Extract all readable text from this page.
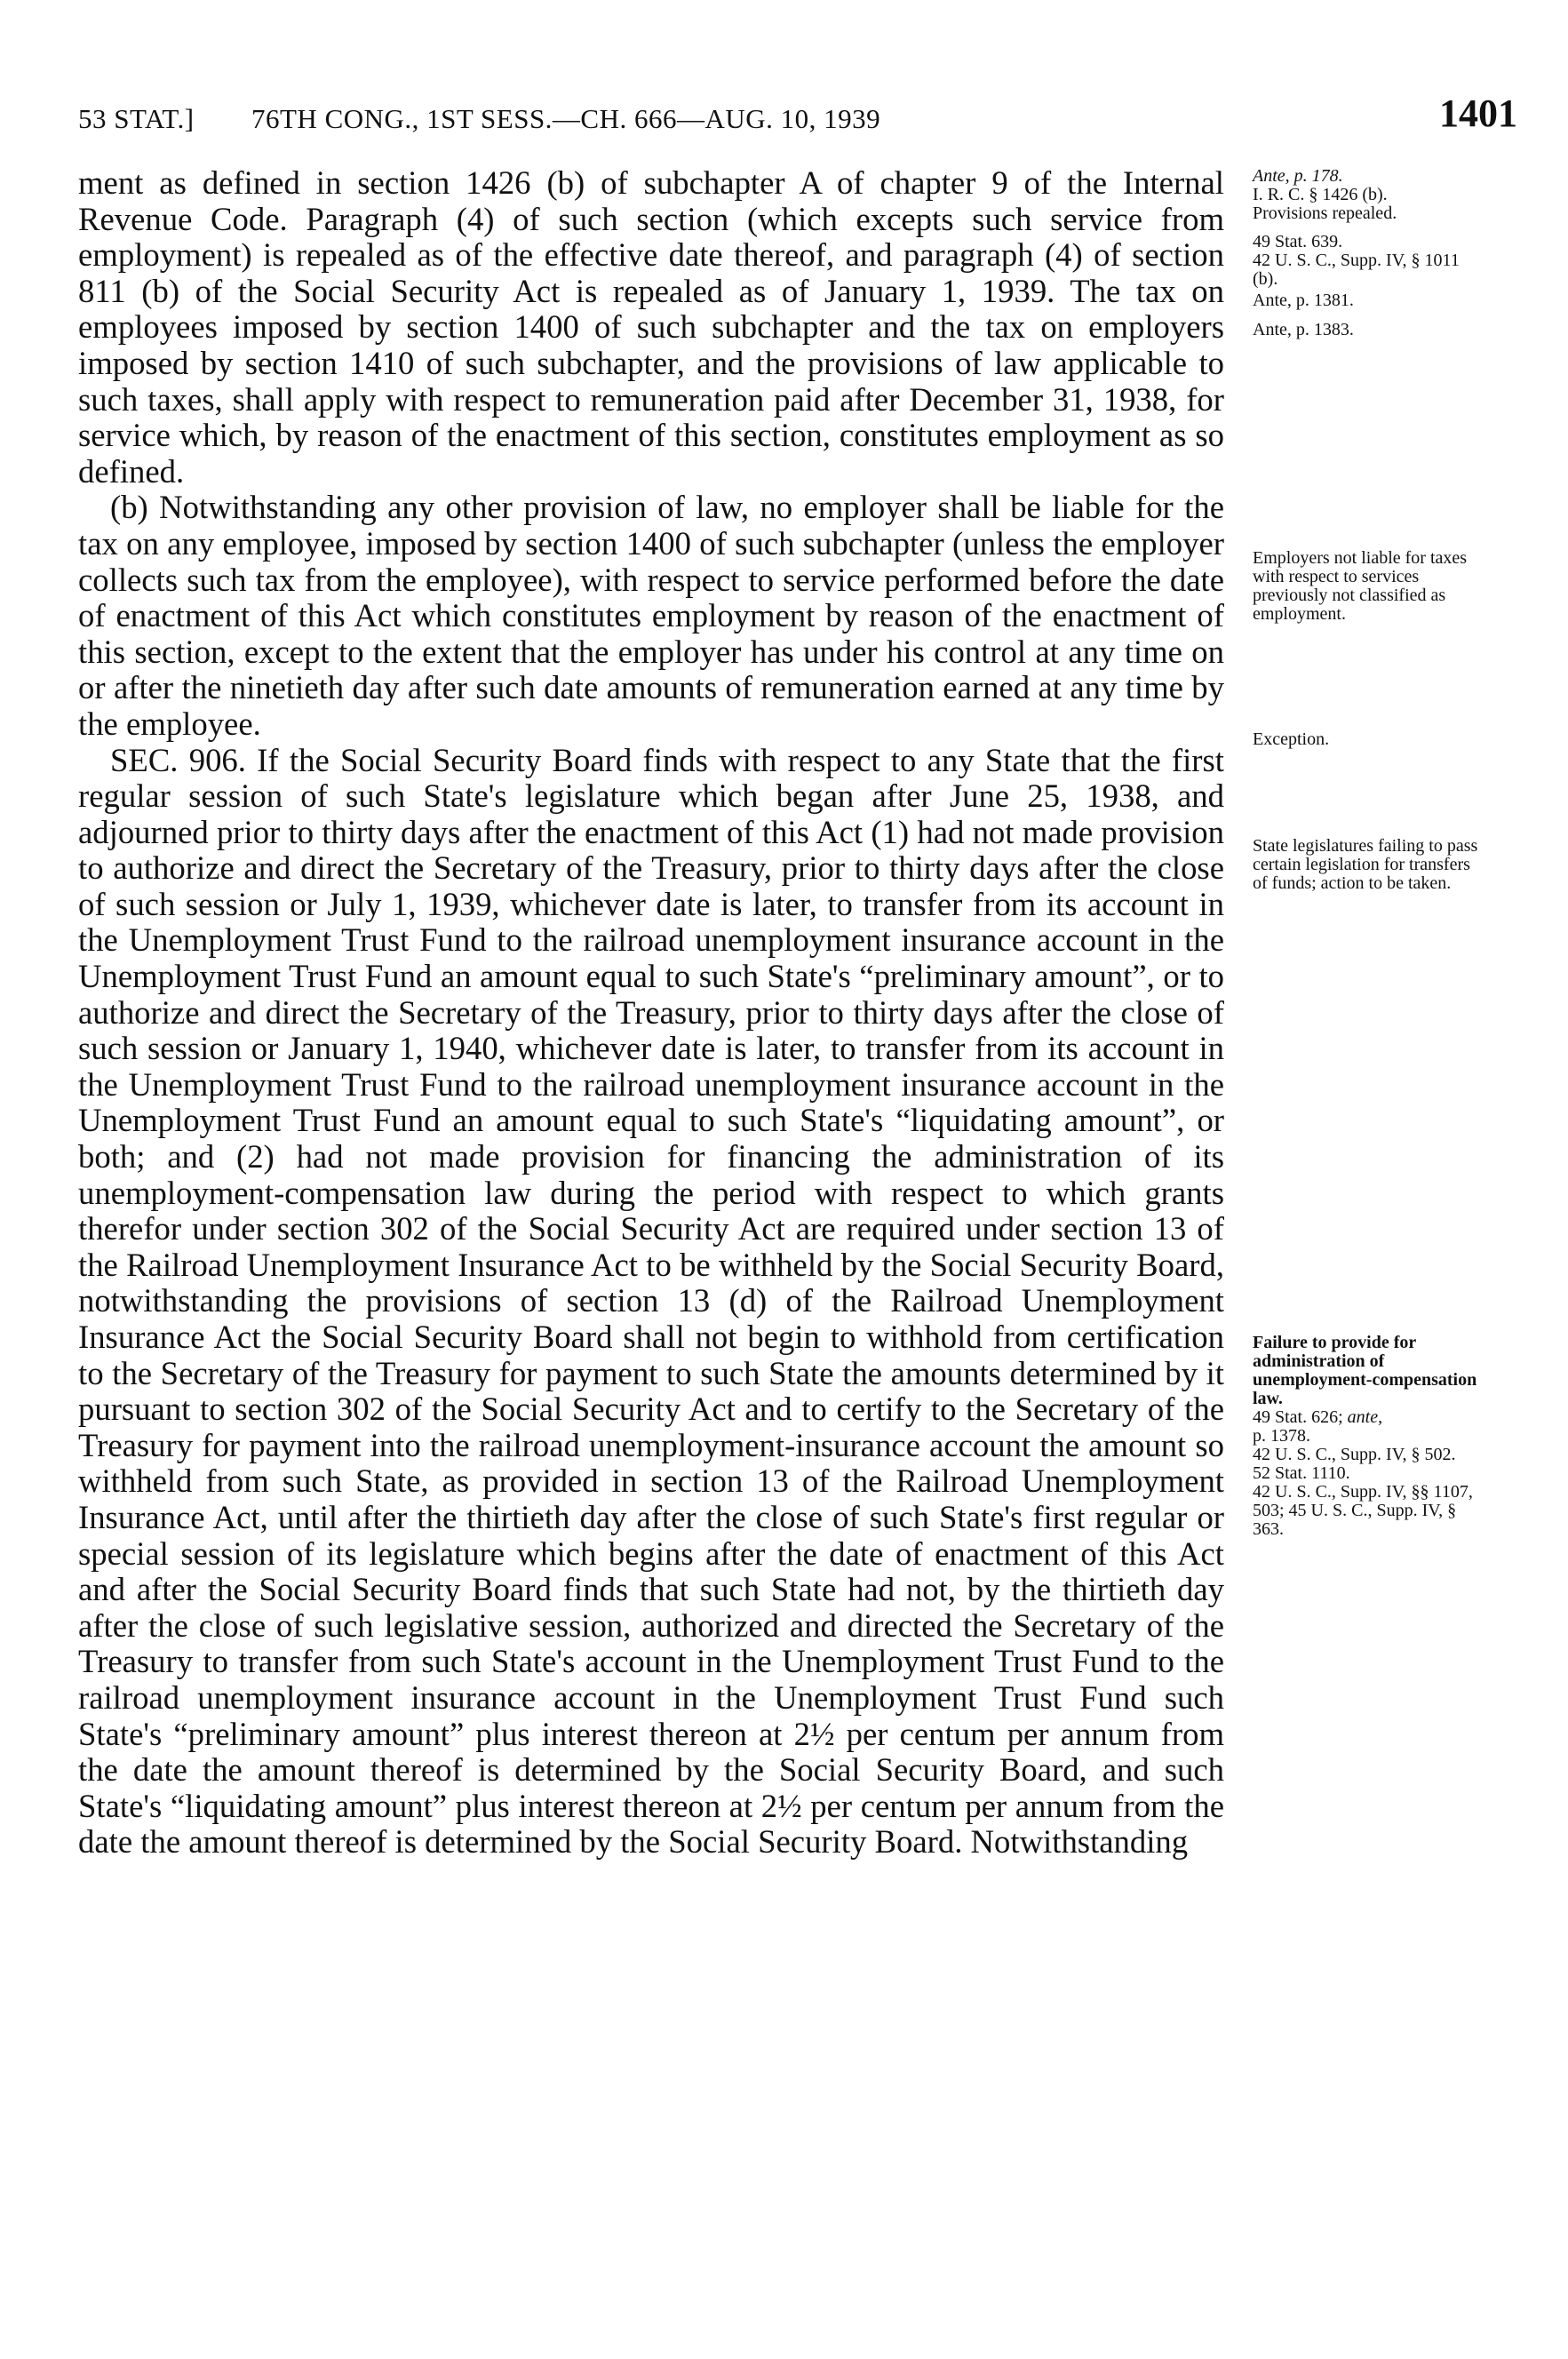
53 STAT.] 76TH CONG., 1ST SESS.—CH. 666—AUG. 10, 1939	1401

ment as defined in section 1426 (b) of subchapter A of chapter 9 of the Internal Revenue Code. Paragraph (4) of such section (which excepts such service from employment) is repealed as of the effective date thereof, and paragraph (4) of section 811 (b) of the Social Security Act is repealed as of January 1, 1939. The tax on employees imposed by section 1400 of such subchapter and the tax on employers imposed by section 1410 of such subchapter, and the provisions of law applicable to such taxes, shall apply with respect to remuneration paid after December 31, 1938, for service which, by reason of the enactment of this section, constitutes employment as so defined.

(b) Notwithstanding any other provision of law, no employer shall be liable for the tax on any employee, imposed by section 1400 of such subchapter (unless the employer collects such tax from the employee), with respect to service performed before the date of enactment of this Act which constitutes employment by reason of the enactment of this section, except to the extent that the employer has under his control at any time on or after the ninetieth day after such date amounts of remuneration earned at any time by the employee.

SEC. 906. If the Social Security Board finds with respect to any State that the first regular session of such State's legislature which began after June 25, 1938, and adjourned prior to thirty days after the enactment of this Act (1) had not made provision to authorize and direct the Secretary of the Treasury, prior to thirty days after the close of such session or July 1, 1939, whichever date is later, to transfer from its account in the Unemployment Trust Fund to the railroad unemployment insurance account in the Unemployment Trust Fund an amount equal to such State's “preliminary amount”, or to authorize and direct the Secretary of the Treasury, prior to thirty days after the close of such session or January 1, 1940, whichever date is later, to transfer from its account in the Unemployment Trust Fund to the railroad unemployment insurance account in the Unemployment Trust Fund an amount equal to such State's “liquidating amount”, or both; and (2) had not made provision for financing the administration of its unemployment-compensation law during the period with respect to which grants therefor under section 302 of the Social Security Act are required under section 13 of the Railroad Unemployment Insurance Act to be withheld by the Social Security Board, notwithstanding the provisions of section 13 (d) of the Railroad Unemployment Insurance Act the Social Security Board shall not begin to withhold from certification to the Secretary of the Treasury for payment to such State the amounts determined by it pursuant to section 302 of the Social Security Act and to certify to the Secretary of the Treasury for payment into the railroad unemployment-insurance account the amount so withheld from such State, as provided in section 13 of the Railroad Unemployment Insurance Act, until after the thirtieth day after the close of such State's first regular or special session of its legislature which begins after the date of enactment of this Act and after the Social Security Board finds that such State had not, by the thirtieth day after the close of such legislative session, authorized and directed the Secretary of the Treasury to transfer from such State's account in the Unemployment Trust Fund to the railroad unemployment insurance account in the Unemployment Trust Fund such State's “preliminary amount” plus interest thereon at 2½ per centum per annum from the date the amount thereof is determined by the Social Security Board, and such State's “liquidating amount” plus interest thereon at 2½ per centum per annum from the date the amount thereof is determined by the Social Security Board. Notwithstanding

Ante, p. 178.
I. R. C. § 1426 (b).
Provisions repealed.
49 Stat. 639.
42 U. S. C., Supp. IV, § 1011 (b).
Ante, p. 1381.
Ante, p. 1383.
Employers not liable for taxes with respect to services previously not classified as employment.
Exception.
State legislatures failing to pass certain legislation for transfers of funds; action to be taken.
Failure to provide for administration of unemployment-compensation law.
49 Stat. 626; ante,
p. 1378.
42 U. S. C., Supp. IV, § 502.
52 Stat. 1110.
42 U. S. C., Supp. IV, §§ 1107, 503; 45 U. S. C., Supp. IV, § 363.
